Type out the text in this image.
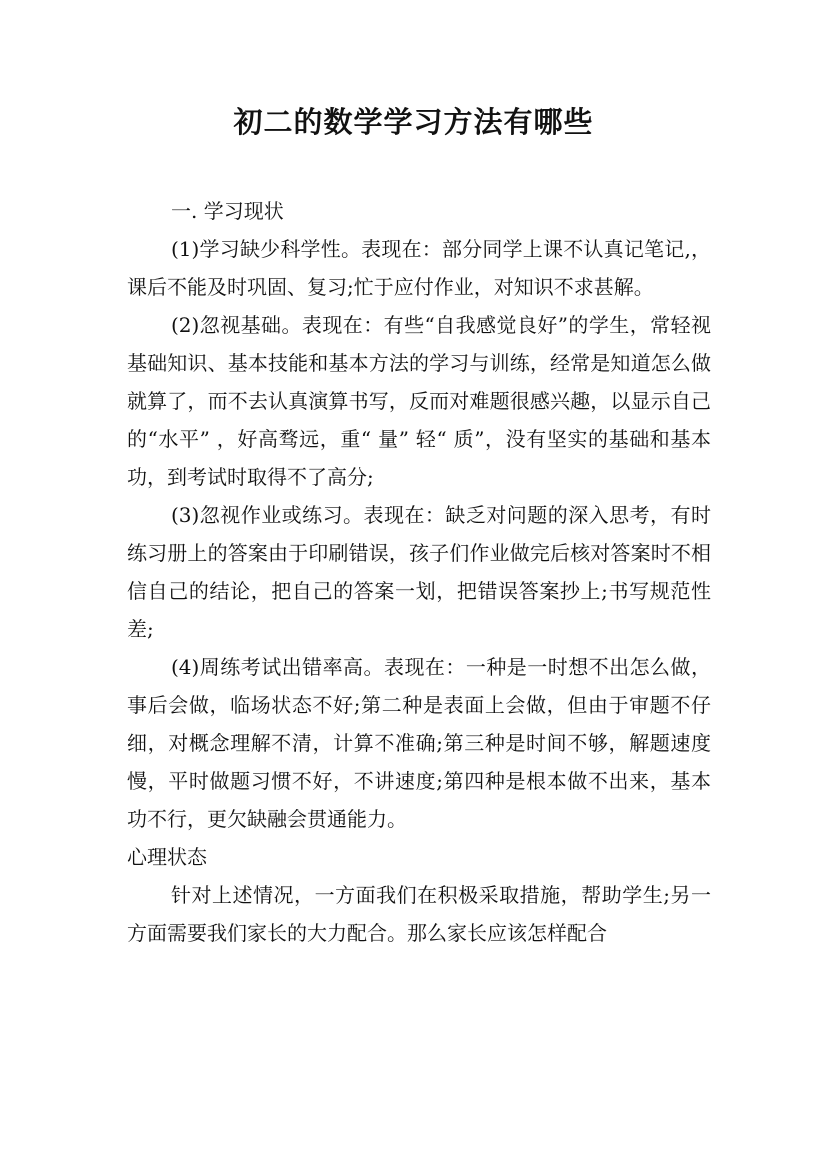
初二的数学学习方法有哪些
一. 学习现状
(1)学习缺少科学性。表现在：部分同学上课不认真记笔记,，课后不能及时巩固、复习;忙于应付作业，对知识不求甚解。
(2)忽视基础。表现在：有些“自我感觉良好”的学生，常轻视基础知识、基本技能和基本方法的学习与训练，经常是知道怎么做就算了，而不去认真演算书写，反而对难题很感兴趣，以显示自己的“水平” ，好高骛远，重“ 量” 轻“ 质”，没有坚实的基础和基本功，到考试时取得不了高分;
(3)忽视作业或练习。表现在：缺乏对问题的深入思考，有时练习册上的答案由于印刷错误，孩子们作业做完后核对答案时不相信自己的结论，把自己的答案一划，把错误答案抄上;书写规范性差;
(4)周练考试出错率高。表现在：一种是一时想不出怎么做，事后会做，临场状态不好;第二种是表面上会做，但由于审题不仔细，对概念理解不清，计算不准确;第三种是时间不够，解题速度慢，平时做题习惯不好，不讲速度;第四种是根本做不出来，基本功不行，更欠缺融会贯通能力。
心理状态
针对上述情况，一方面我们在积极采取措施，帮助学生;另一方面需要我们家长的大力配合。那么家长应该怎样配合
